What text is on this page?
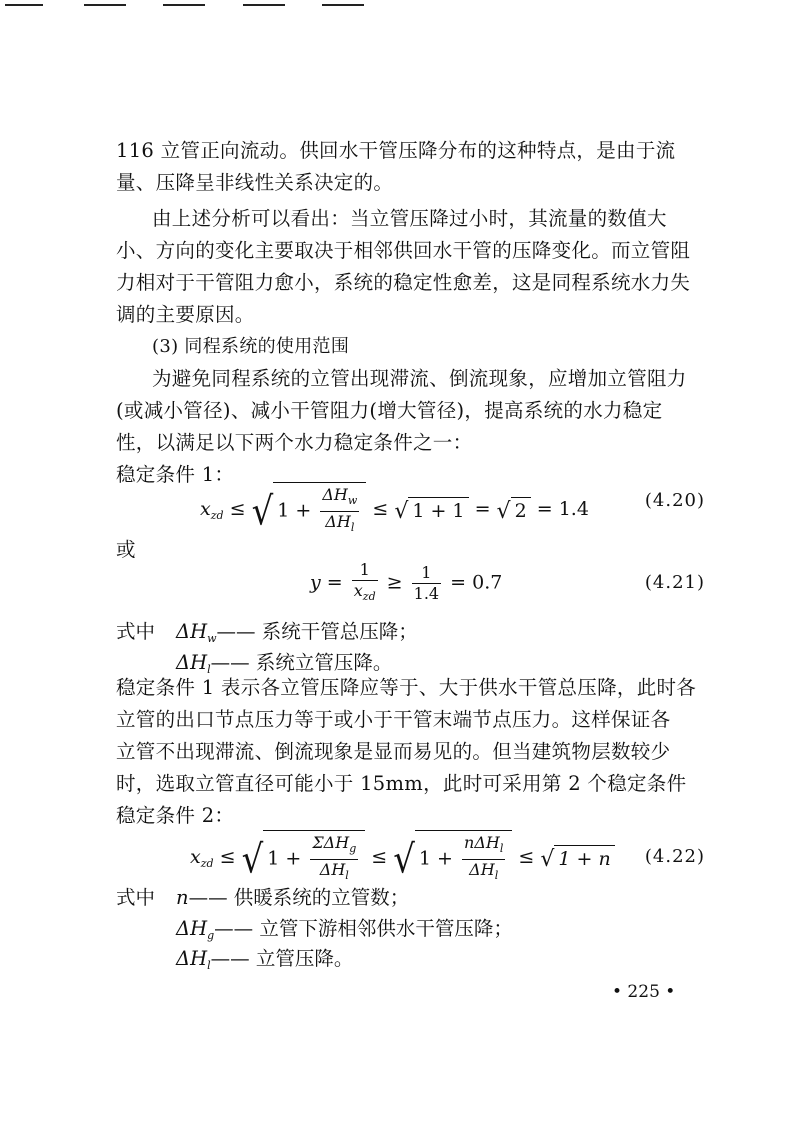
116 立管正向流动。供回水干管压降分布的这种特点，是由于流
量、压降呈非线性关系决定的。
由上述分析可以看出：当立管压降过小时，其流量的数值大
小、方向的变化主要取决于相邻供回水干管的压降变化。而立管阻
力相对于干管阻力愈小，系统的稳定性愈差，这是同程系统水力失
调的主要原因。
(3) 同程系统的使用范围
为避免同程系统的立管出现滞流、倒流现象，应增加立管阻力
(或减小管径)、减小干管阻力(增大管径)，提高系统的水力稳定
性，以满足以下两个水力稳定条件之一：
稳定条件 1：
$x_{zd}$ ≤ √ $1 + \frac{\Delta H_w}{\Delta H_l}$ ≤ √ 1 + 1 = √ 2 = 1.4	(4.20)
或
$y = \frac{1}{x_{zd}} \ge \frac{1}{1.4} = 0.7$	(4.21)
式中 $\Delta H_w——$ 系统干管总压降；
$\Delta H_l——$ 系统立管压降。
稳定条件 1 表示各立管压降应等于、大于供水干管总压降，此时各
立管的出口节点压力等于或小于干管末端节点压力。这样保证各
立管不出现滞流、倒流现象是显而易见的。但当建筑物层数较少
时，选取立管直径可能小于 15mm，此时可采用第 2 个稳定条件
稳定条件 2：
$x_{zd}$ ≤ √ $1 + \frac{\Sigma\Delta H_g}{\Delta H_l}$ ≤ √ $1 + \frac{n\Delta H_l}{\Delta H_l}$ ≤ √ 1 + n (4.22)
式中 n—— 供暖系统的立管数；
$\Delta H_g——$ 立管下游相邻供水干管压降；
$\Delta H_l——$ 立管压降。
• 225 •
